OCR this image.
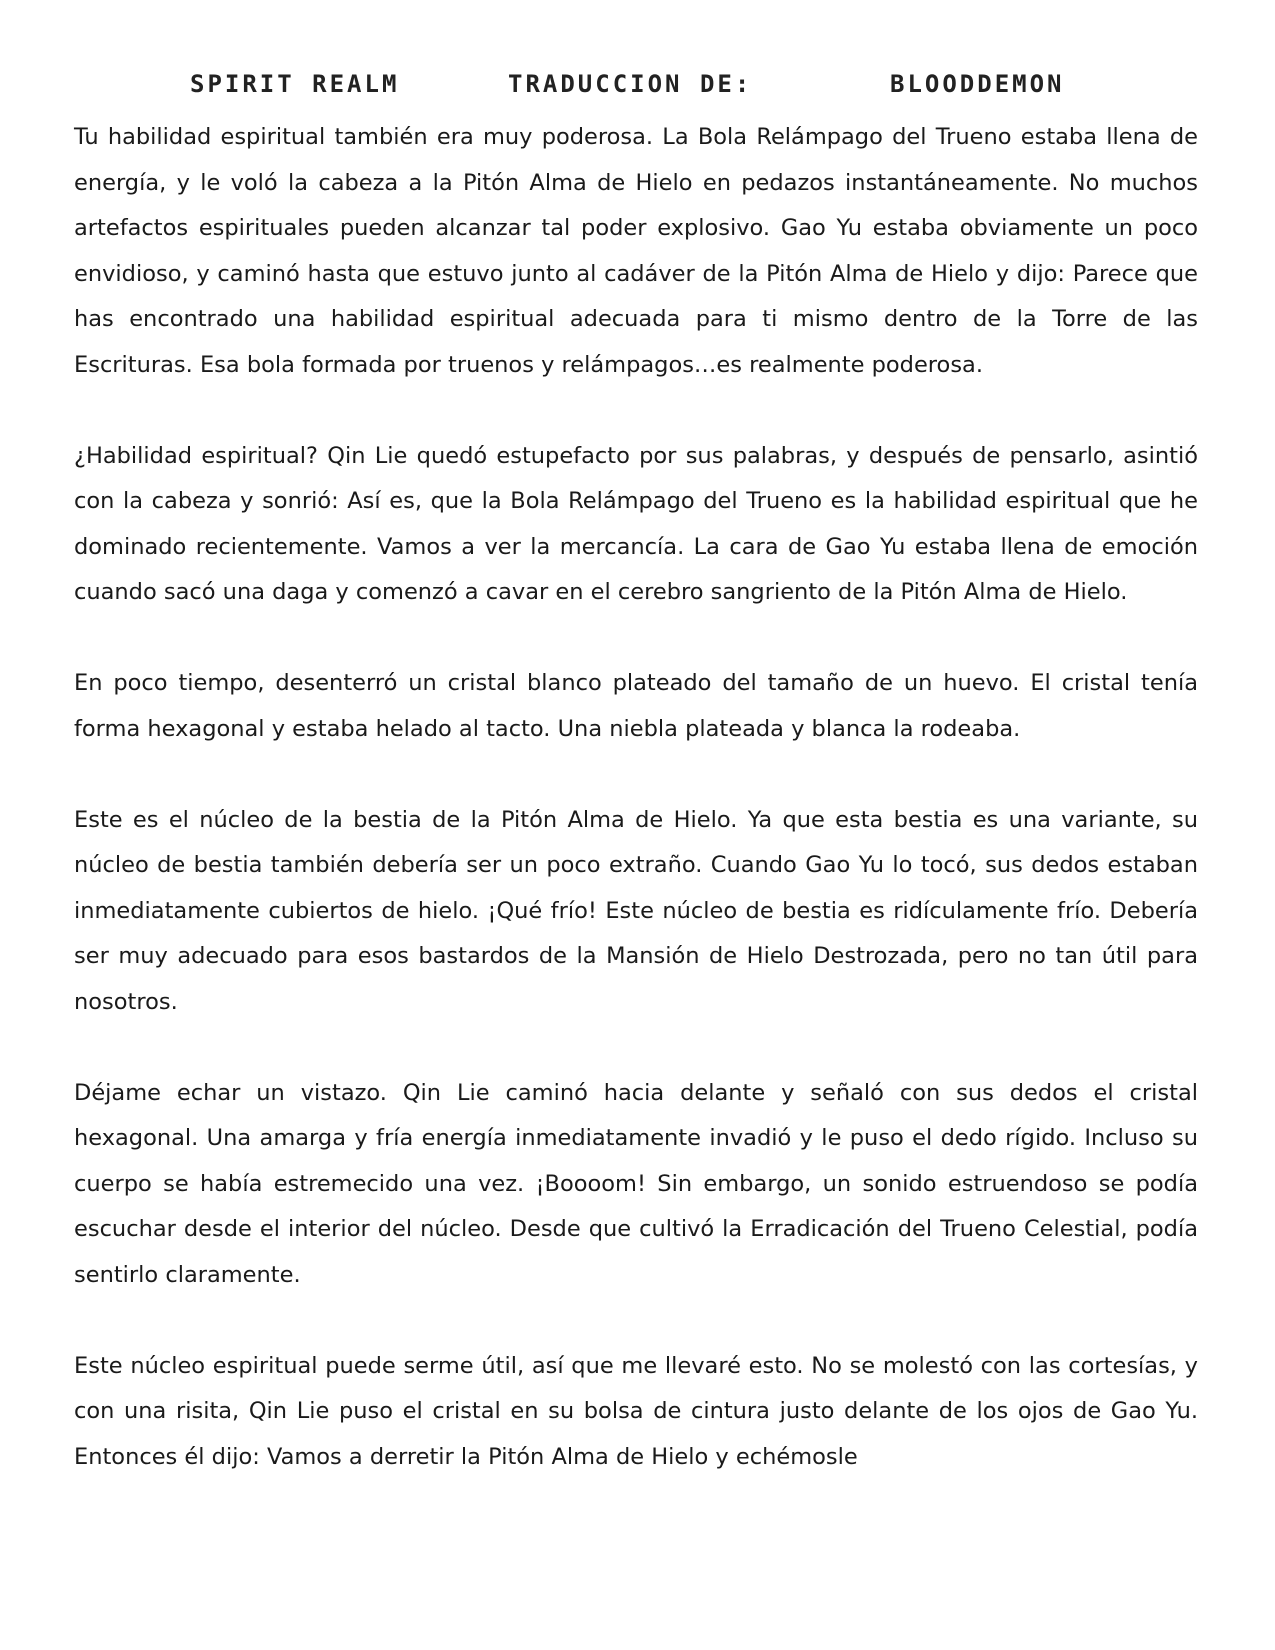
SPIRIT REALM	TRADUCCION DE:	BLOODDEMON

Tu habilidad espiritual también era muy poderosa. La Bola Relámpago del Trueno estaba llena de energía, y le voló la cabeza a la Pitón Alma de Hielo en pedazos instantáneamente. No muchos artefactos espirituales pueden alcanzar tal poder explosivo. Gao Yu estaba obviamente un poco envidioso, y caminó hasta que estuvo junto al cadáver de la Pitón Alma de Hielo y dijo: Parece que has encontrado una habilidad espiritual adecuada para ti mismo dentro de la Torre de las Escrituras. Esa bola formada por truenos y relámpagos…es realmente poderosa.

¿Habilidad espiritual? Qin Lie quedó estupefacto por sus palabras, y después de pensarlo, asintió con la cabeza y sonrió: Así es, que la Bola Relámpago del Trueno es la habilidad espiritual que he dominado recientemente. Vamos a ver la mercancía. La cara de Gao Yu estaba llena de emoción cuando sacó una daga y comenzó a cavar en el cerebro sangriento de la Pitón Alma de Hielo.

En poco tiempo, desenterró un cristal blanco plateado del tamaño de un huevo. El cristal tenía forma hexagonal y estaba helado al tacto. Una niebla plateada y blanca la rodeaba.

Este es el núcleo de la bestia de la Pitón Alma de Hielo. Ya que esta bestia es una variante, su núcleo de bestia también debería ser un poco extraño. Cuando Gao Yu lo tocó, sus dedos estaban inmediatamente cubiertos de hielo. ¡Qué frío! Este núcleo de bestia es ridículamente frío. Debería ser muy adecuado para esos bastardos de la Mansión de Hielo Destrozada, pero no tan útil para nosotros.

Déjame echar un vistazo. Qin Lie caminó hacia delante y señaló con sus dedos el cristal hexagonal. Una amarga y fría energía inmediatamente invadió y le puso el dedo rígido. Incluso su cuerpo se había estremecido una vez. ¡Boooom! Sin embargo, un sonido estruendoso se podía escuchar desde el interior del núcleo. Desde que cultivó la Erradicación del Trueno Celestial, podía sentirlo claramente.

Este núcleo espiritual puede serme útil, así que me llevaré esto. No se molestó con las cortesías, y con una risita, Qin Lie puso el cristal en su bolsa de cintura justo delante de los ojos de Gao Yu. Entonces él dijo: Vamos a derretir la Pitón Alma de Hielo y echémosle
